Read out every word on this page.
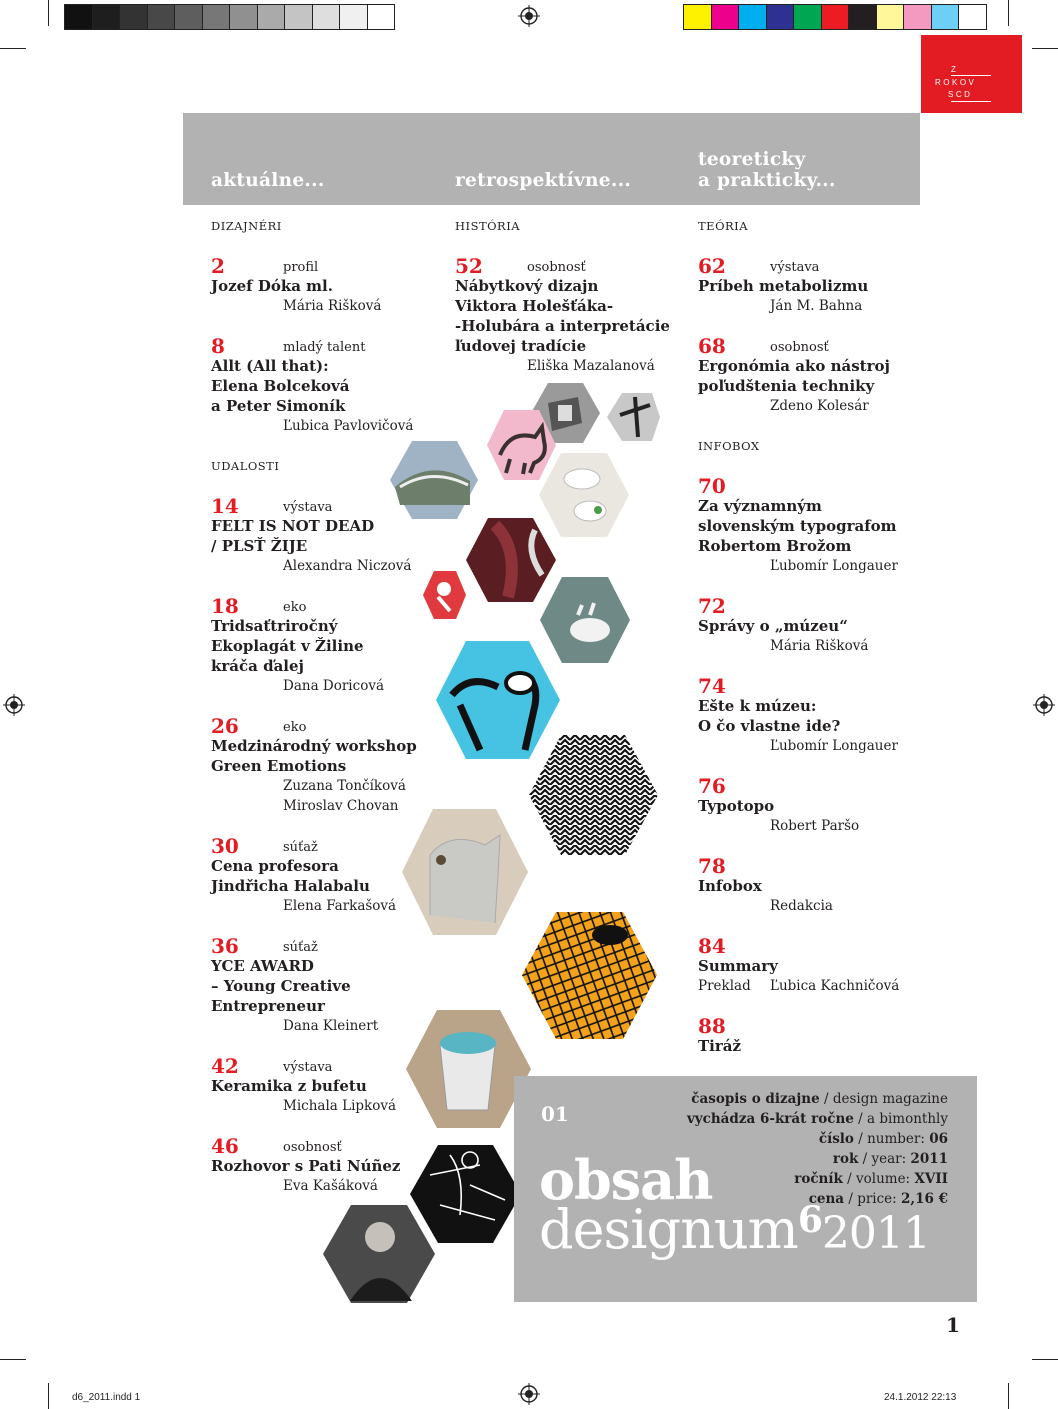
d6_2011.indd 1	24.1.2012 22:13
Z
ROKOV
SCD
aktuálne...	retrospektívne...
teoreticky
a prakticky...
DIZAJNÉRI
2	profil
Jozef Dóka ml.
Mária Rišková
8	mladý talent
Allt (All that):
Elena Bolceková
a Peter Simoník
Ľubica Pavlovičová
UDALOSTI
14	výstava
FELT IS NOT DEAD
/ PLSŤ ŽIJE
Alexandra Niczová
18	eko
Tridsaťtriročný
Ekoplagát v Žiline
kráča ďalej
Dana Doricová
26	eko
Medzinárodný workshop
Green Emotions
Zuzana Tončíková
Miroslav Chovan
30	súťaž
Cena profesora
Jindřicha Halabalu
Elena Farkašová
36	súťaž
YCE AWARD
– Young Creative
Entrepreneur
Dana Kleinert
42	výstava
Keramika z bufetu
Michala Lipková
46	osobnosť
Rozhovor s Pati Núñez
Eva Kašáková
HISTÓRIA
52	osobnosť
Nábytkový dizajn
Viktora Holešťáka-
-Holubára a interpretácie
ľudovej tradície
Eliška Mazalanová
TEÓRIA
62	výstava
Príbeh metabolizmu
Ján M. Bahna
68	osobnosť
Ergonómia ako nástroj
poľudštenia techniky
Zdeno Kolesár
INFOBOX
70
Za významným
slovenským typografom
Robertom Brožom
Ľubomír Longauer
72
Správy o „múzeu“
Mária Rišková
74
Ešte k múzeu:
O čo vlastne ide?
Ľubomír Longauer
76
Typotopo
Robert Paršo
78
Infobox
Redakcia
84
Summary
Preklad Ľubica Kachničová
88
Tiráž
časopis o dizajne / design magazine
vychádza 6-krát ročne / a bimonthly
číslo / number: 06
rok / year: 2011
ročník / volume: XVII
cena / price: 2,16 €
01
obsah
designum$^6$2011
1
